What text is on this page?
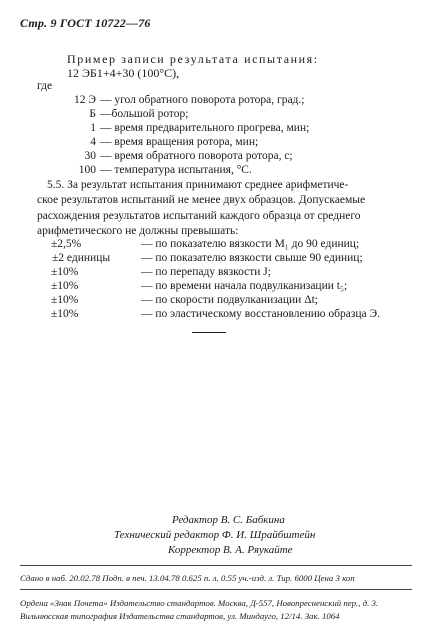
Стр. 9 ГОСТ 10722—76
Пример записи результата испытания:
12 ЭБ1+4+30 (100°С),
где
12 Э — угол обратного поворота ротора, град.;
Б —большой ротор;
1 — время предварительного прогрева, мин;
4 — время вращения ротора, мин;
30 — время обратного поворота ротора, с;
100 — температура испытания, °С.
5.5. За результат испытания принимают среднее арифметиче-
ское результатов испытаний не менее двух образцов. Допускаемые
расхождения результатов испытаний каждого образца от среднего
арифметического не должны превышать:
±2,5%	— по показателю вязкости M₁ до 90 единиц;
±2 единицы	— по показателю вязкости свыше 90 единиц;
±10%	— по перепаду вязкости J;
±10%	— по времени начала подвулканизации t₅;
±10%	— по скорости подвулканизации Δt;
±10%	— по эластическому восстановлению образца Э.
Редактор В. С. Бабкина
Технический редактор Ф. И. Шрайбштейн
Корректор В. А. Ряукайте
Сдано в наб. 20.02.78 Подп. в печ. 13.04.78 0.625 п. л. 0.55 уч.-изд. л. Тир. 6000 Цена 3 коп
Ордена «Знак Почета» Издательство стандартов. Москва, Д-557, Новопресненский пер., д. 3.
Вильнюсская типография Издательства стандартов, ул. Миндауго, 12/14. Зак. 1064
